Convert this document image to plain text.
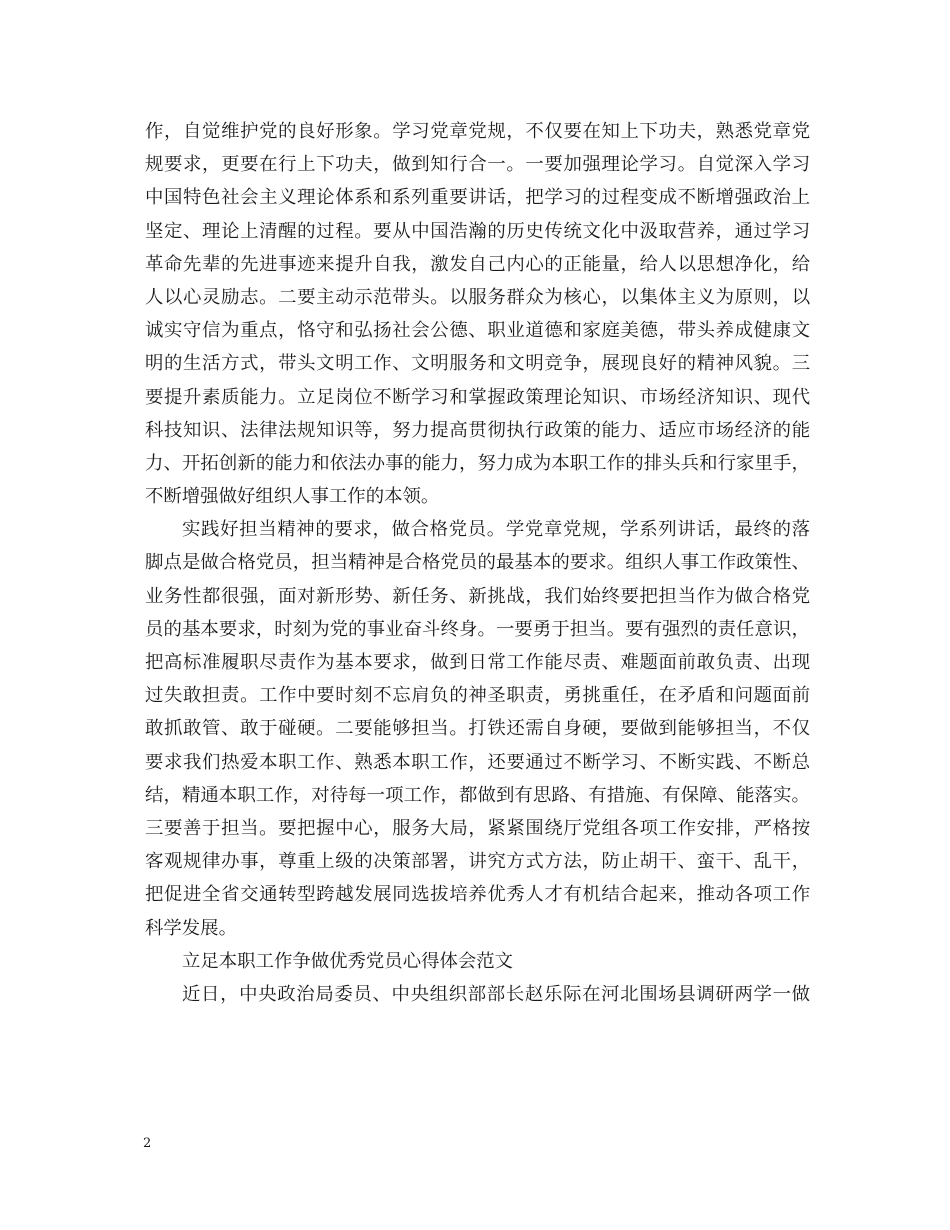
作，自觉维护党的良好形象。学习党章党规，不仅要在知上下功夫，熟悉党章党
规要求，更要在行上下功夫，做到知行合一。一要加强理论学习。自觉深入学习
中国特色社会主义理论体系和系列重要讲话，把学习的过程变成不断增强政治上
坚定、理论上清醒的过程。要从中国浩瀚的历史传统文化中汲取营养，通过学习
革命先辈的先进事迹来提升自我，激发自己内心的正能量，给人以思想净化，给
人以心灵励志。二要主动示范带头。以服务群众为核心，以集体主义为原则，以
诚实守信为重点，恪守和弘扬社会公德、职业道德和家庭美德，带头养成健康文
明的生活方式，带头文明工作、文明服务和文明竞争，展现良好的精神风貌。三
要提升素质能力。立足岗位不断学习和掌握政策理论知识、市场经济知识、现代
科技知识、法律法规知识等，努力提高贯彻执行政策的能力、适应市场经济的能
力、开拓创新的能力和依法办事的能力，努力成为本职工作的排头兵和行家里手，
不断增强做好组织人事工作的本领。
实践好担当精神的要求，做合格党员。学党章党规，学系列讲话，最终的落
脚点是做合格党员，担当精神是合格党员的最基本的要求。组织人事工作政策性、
业务性都很强，面对新形势、新任务、新挑战，我们始终要把担当作为做合格党
员的基本要求，时刻为党的事业奋斗终身。一要勇于担当。要有强烈的责任意识，
把高标准履职尽责作为基本要求，做到日常工作能尽责、难题面前敢负责、出现
过失敢担责。工作中要时刻不忘肩负的神圣职责，勇挑重任，在矛盾和问题面前
敢抓敢管、敢于碰硬。二要能够担当。打铁还需自身硬，要做到能够担当，不仅
要求我们热爱本职工作、熟悉本职工作，还要通过不断学习、不断实践、不断总
结，精通本职工作，对待每一项工作，都做到有思路、有措施、有保障、能落实。
三要善于担当。要把握中心，服务大局，紧紧围绕厅党组各项工作安排，严格按
客观规律办事，尊重上级的决策部署，讲究方式方法，防止胡干、蛮干、乱干，
把促进全省交通转型跨越发展同选拔培养优秀人才有机结合起来，推动各项工作
科学发展。
立足本职工作争做优秀党员心得体会范文
近日，中央政治局委员、中央组织部部长赵乐际在河北围场县调研两学一做
2
